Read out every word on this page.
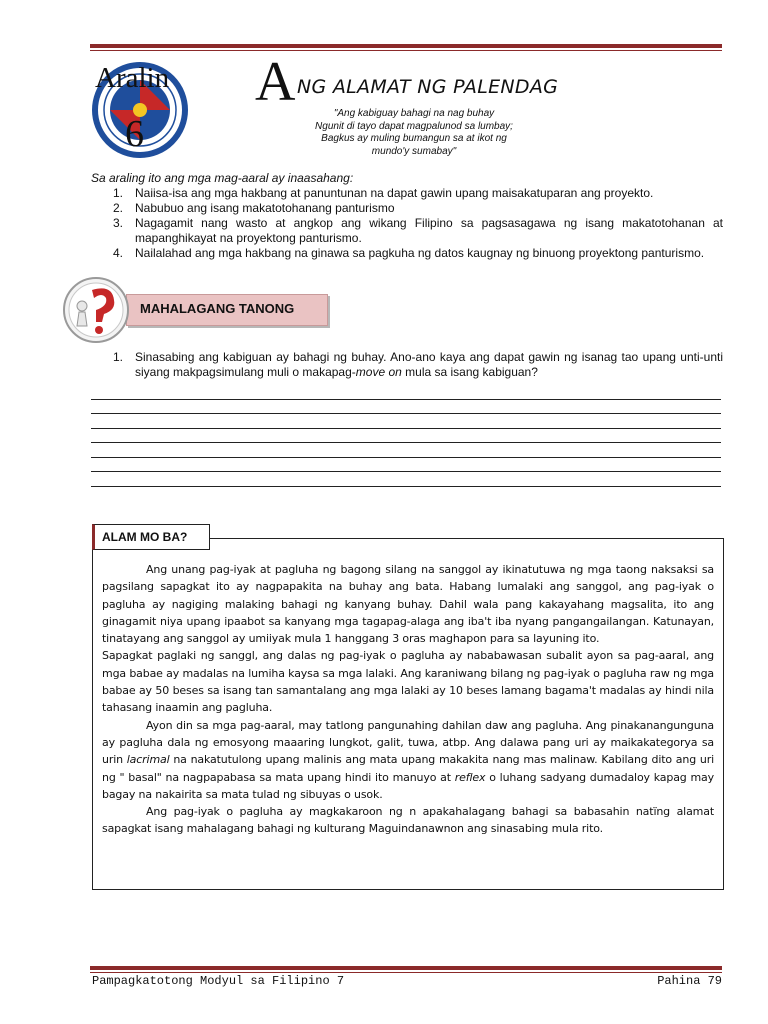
Aralin
6
A NG ALAMAT NG PALENDAG
"Ang kabiguay bahagi na nag buhay
Ngunit di tayo dapat magpalunod sa lumbay;
Bagkus ay muling bumangun sa at ikot ng
mundo'y sumabay"
Sa araling ito ang mga mag-aaral ay inaasahang:
1. Naiisa-isa ang mga hakbang at panuntunan na dapat gawin upang maisakatuparan ang proyekto.
2. Nabubuo ang isang makatotohanang panturismo
3. Nagagamit nang wasto at angkop ang wikang Filipino sa pagsasagawa ng isang makatotohanan at mapanghikayat na proyektong panturismo.
4. Nailalahad ang mga hakbang na ginawa sa pagkuha ng datos kaugnay ng binuong proyektong panturismo.
MAHALAGANG TANONG
1. Sinasabing ang kabiguan ay bahagi ng buhay. Ano-ano kaya ang dapat gawin ng isanag tao upang unti-unti siyang makpagsimulang muli o makapag-move on mula sa isang kabiguan?
ALAM MO BA?

Ang unang pag-iyak at pagluha ng bagong silang na sanggol ay ikinatutuwa ng mga taong naksaksi sa pagsilang sapagkat ito ay nagpapakita na buhay ang bata. Habang lumalaki ang sanggol, ang pag-iyak o pagluha ay nagiging malaking bahagi ng kanyang buhay. Dahil wala pang kakayahang magsalita, ito ang ginagamit niya upang ipaabot sa kanyang mga tagapag-alaga ang iba't iba nyang pangangailangan. Katunayan, tinatayang ang sanggol ay umiiyak mula 1 hanggang 3 oras maghapon para sa layuning ito.

Sapagkat paglaki ng sanggl, ang dalas ng pag-iyak o pagluha ay nababawasan subalit ayon sa pag-aaral, ang mga babae ay madalas na lumiha kaysa sa mga lalaki. Ang karaniwang bilang ng pag-iyak o pagluha raw ng mga babae ay 50 beses sa isang tan samantalang ang mga lalaki ay 10 beses lamang bagama't madalas ay hindi nila tahasang inaamin ang pagluha.

Ayon din sa mga pag-aaral, may tatlong pangunahing dahilan daw ang pagluha. Ang pinakanangunguna ay pagluha dala ng emosyong maaaring lungkot, galit, tuwa, atbp. Ang dalawa pang uri ay maikakategorya sa urin lacrimal na nakatutulong upang malinis ang mata upang makakita nang mas malinaw. Kabilang dito ang uri ng " basal" na nagpapabasa sa mata upang hindi ito manuyo at reflex o luhang sadyang dumadaloy kapag may bagay na nakairita sa mata tulad ng sibuyas o usok.

Ang pag-iyak o pagluha ay magkakaroon ng n apakahalagang bahagi sa babasahin natïng alamat sapagkat isang mahalagang bahagi ng kulturang Maguindanawnon ang sinasabing mula rito.

Pampagkatotong Modyul sa Filipino 7	Pahina 79
